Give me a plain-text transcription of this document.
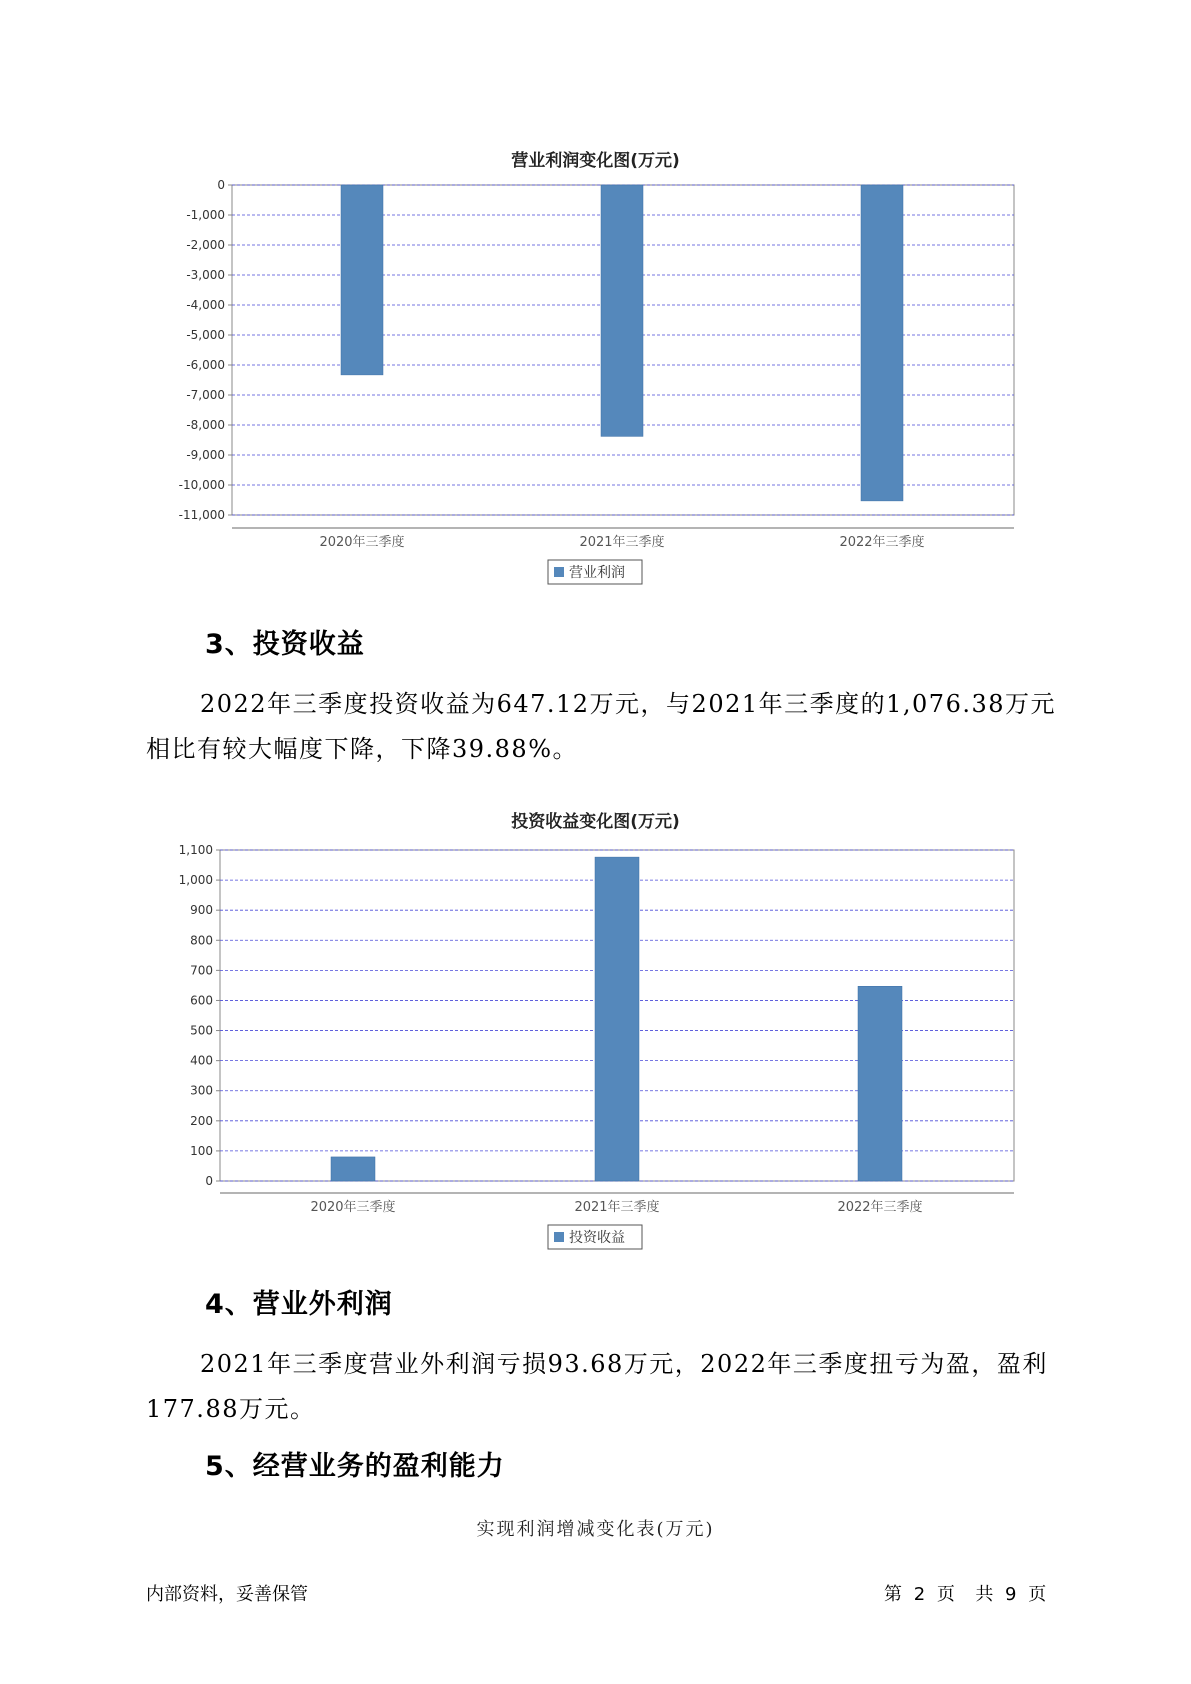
营业利润变化图(万元)
0
-1,000
-2,000
-3,000
-4,000
-5,000
-6,000
-7,000
-8,000
-9,000
-10,000
-11,000
2020年三季度	2021年三季度	2022年三季度
营业利润
3、投资收益

2022年三季度投资收益为647.12万元，与2021年三季度的1,076.38万元相比有较大幅度下降，下降39.88%。

投资收益变化图(万元)
1,100
1,000
900
800
700
600
500
400
300
200
100
0
2020年三季度	2021年三季度	2022年三季度
投资收益
4、营业外利润

2021年三季度营业外利润亏损93.68万元，2022年三季度扭亏为盈，盈利177.88万元。

5、经营业务的盈利能力
实现利润增减变化表(万元)
内部资料，妥善保管	第 2 页  共 9 页
